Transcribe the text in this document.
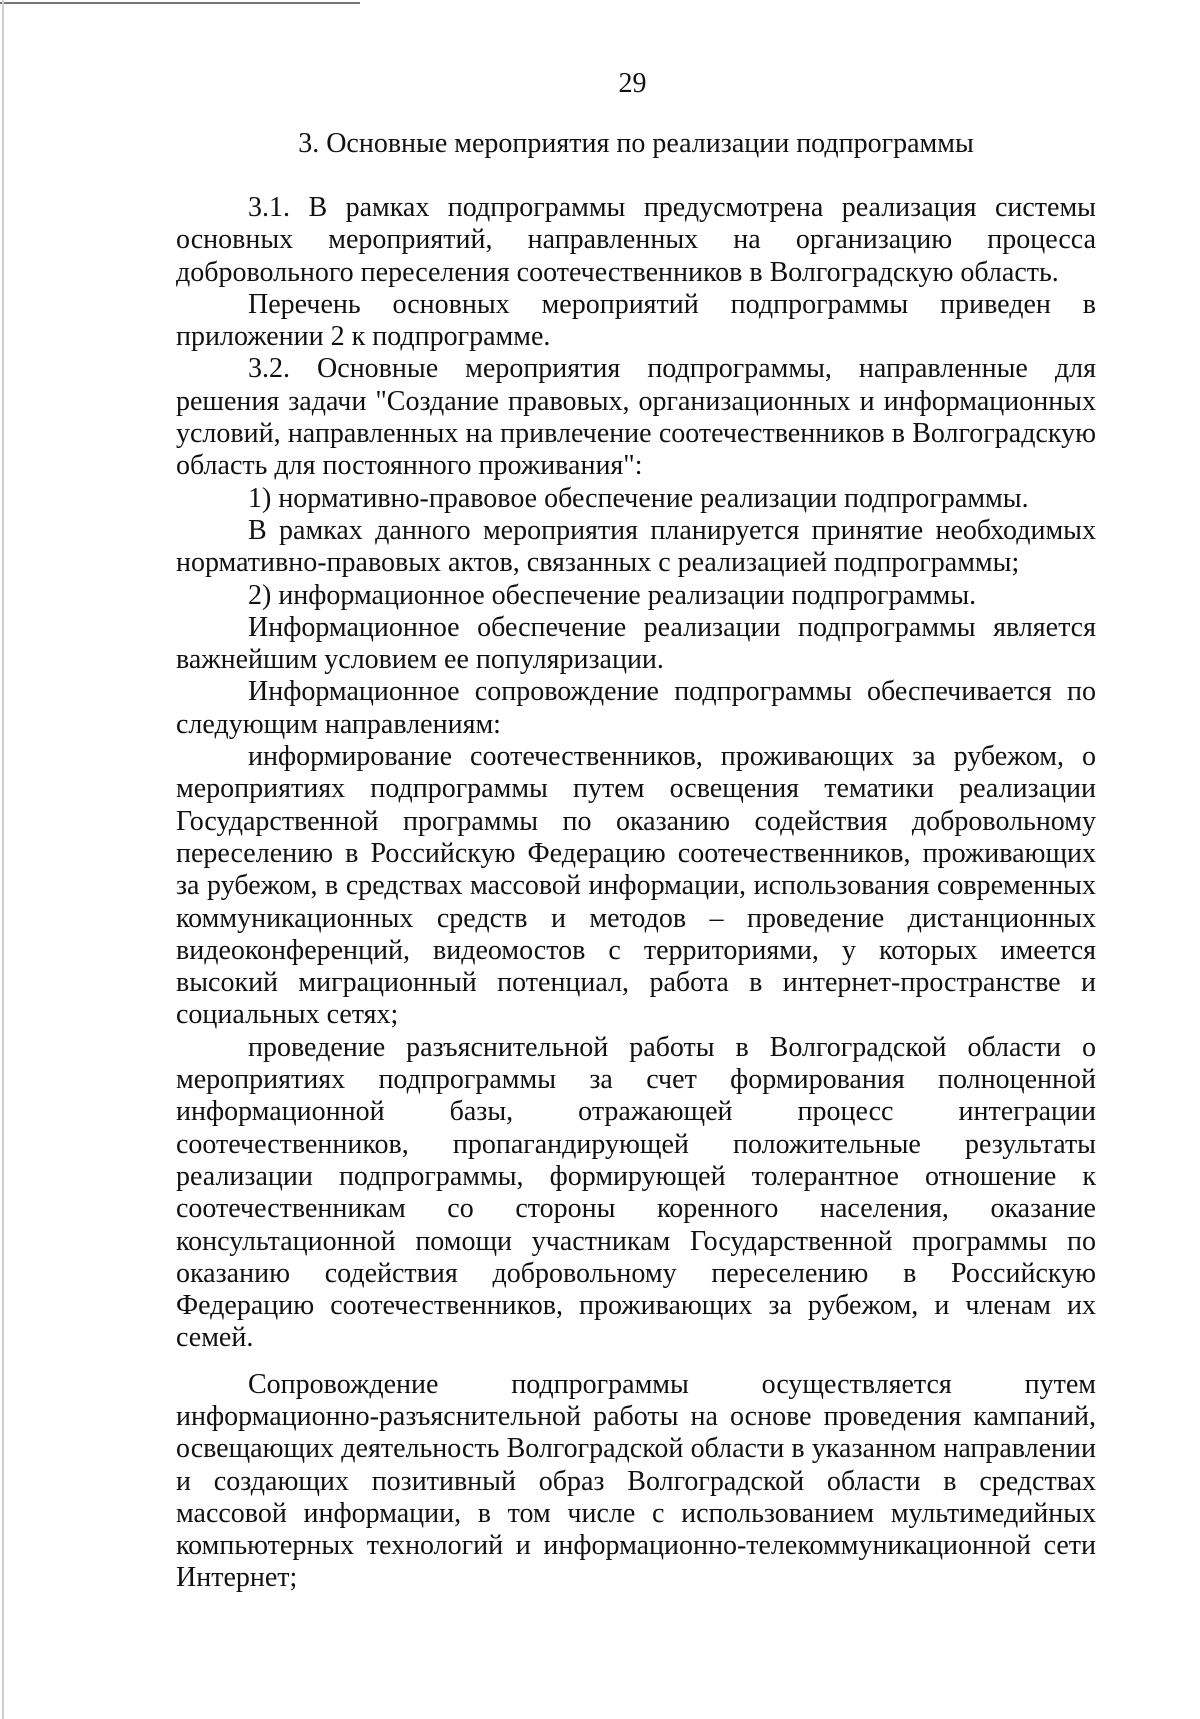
29
3. Основные мероприятия по реализации подпрограммы

3.1. В рамках подпрограммы предусмотрена реализация системы основных мероприятий, направленных на организацию процесса добровольного переселения соотечественников в Волгоградскую область.

Перечень основных мероприятий подпрограммы приведен в приложении 2 к подпрограмме.

3.2. Основные мероприятия подпрограммы, направленные для решения задачи "Создание правовых, организационных и информационных условий, направленных на привлечение соотечественников в Волгоградскую область для постоянного проживания":

1) нормативно-правовое обеспечение реализации подпрограммы.

В рамках данного мероприятия планируется принятие необходимых нормативно-правовых актов, связанных с реализацией подпрограммы;

2) информационное обеспечение реализации подпрограммы.

Информационное обеспечение реализации подпрограммы является важнейшим условием ее популяризации.

Информационное сопровождение подпрограммы обеспечивается по следующим направлениям:

информирование соотечественников, проживающих за рубежом, о мероприятиях подпрограммы путем освещения тематики реализации Государственной программы по оказанию содействия добровольному переселению в Российскую Федерацию соотечественников, проживающих за рубежом, в средствах массовой информации, использования современных коммуникационных средств и методов – проведение дистанционных видеоконференций, видеомостов с территориями, у которых имеется высокий миграционный потенциал, работа в интернет-пространстве и социальных сетях;

проведение разъяснительной работы в Волгоградской области о мероприятиях подпрограммы за счет формирования полноценной информационной базы, отражающей процесс интеграции соотечественников, пропагандирующей положительные результаты реализации подпрограммы, формирующей толерантное отношение к соотечественникам со стороны коренного населения, оказание консультационной помощи участникам Государственной программы по оказанию содействия добровольному переселению в Российскую Федерацию соотечественников, проживающих за рубежом, и членам их семей.

Сопровождение подпрограммы осуществляется путем информационно-разъяснительной работы на основе проведения кампаний, освещающих деятельность Волгоградской области в указанном направлении и создающих позитивный образ Волгоградской области в средствах массовой информации, в том числе с использованием мультимедийных компьютерных технологий и информационно-телекоммуникационной сети Интернет;
